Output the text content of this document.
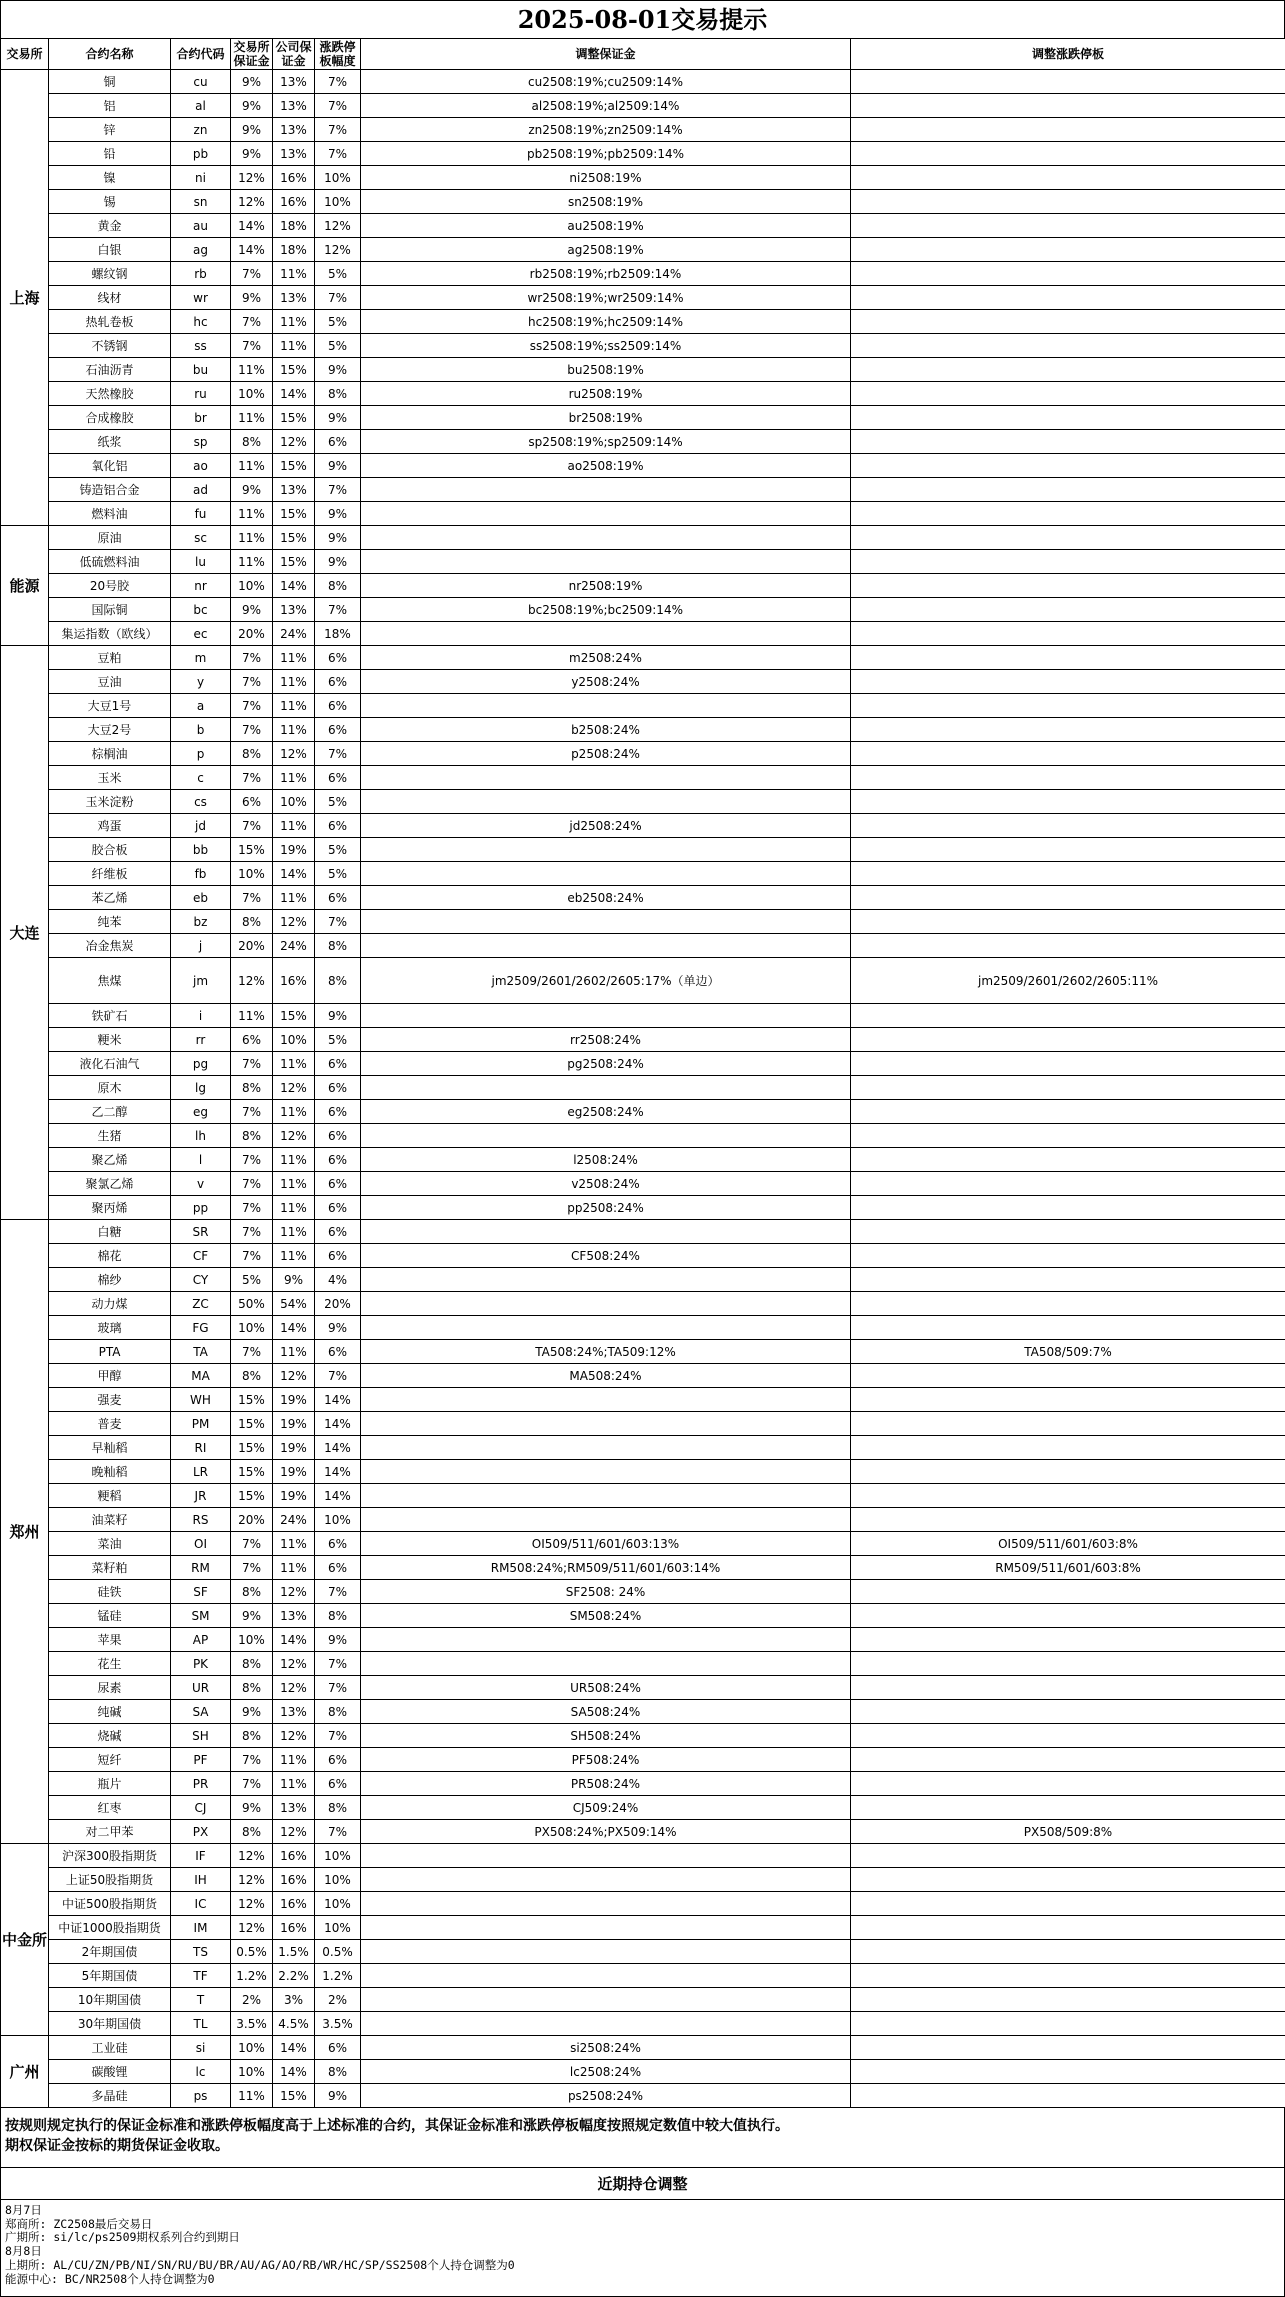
2025-08-01交易提示
交易所	合约名称	合约代码	交易所保证金	公司保证金	涨跌停板幅度	调整保证金	调整涨跌停板
上海	铜	cu	9%	13%	7%	cu2508:19%;cu2509:14%	
	铝	al	9%	13%	7%	al2508:19%;al2509:14%	
	锌	zn	9%	13%	7%	zn2508:19%;zn2509:14%	
	铅	pb	9%	13%	7%	pb2508:19%;pb2509:14%	
	镍	ni	12%	16%	10%	ni2508:19%	
	锡	sn	12%	16%	10%	sn2508:19%	
	黄金	au	14%	18%	12%	au2508:19%	
	白银	ag	14%	18%	12%	ag2508:19%	
	螺纹钢	rb	7%	11%	5%	rb2508:19%;rb2509:14%	
	线材	wr	9%	13%	7%	wr2508:19%;wr2509:14%	
	热轧卷板	hc	7%	11%	5%	hc2508:19%;hc2509:14%	
	不锈钢	ss	7%	11%	5%	ss2508:19%;ss2509:14%	
	石油沥青	bu	11%	15%	9%	bu2508:19%	
	天然橡胶	ru	10%	14%	8%	ru2508:19%	
	合成橡胶	br	11%	15%	9%	br2508:19%	
	纸浆	sp	8%	12%	6%	sp2508:19%;sp2509:14%	
	氧化铝	ao	11%	15%	9%	ao2508:19%	
	铸造铝合金	ad	9%	13%	7%		
	燃料油	fu	11%	15%	9%		
能源	原油	sc	11%	15%	9%		
	低硫燃料油	lu	11%	15%	9%		
	20号胶	nr	10%	14%	8%	nr2508:19%	
	国际铜	bc	9%	13%	7%	bc2508:19%;bc2509:14%	
	集运指数（欧线）	ec	20%	24%	18%		
大连	豆粕	m	7%	11%	6%	m2508:24%	
	豆油	y	7%	11%	6%	y2508:24%	
	大豆1号	a	7%	11%	6%		
	大豆2号	b	7%	11%	6%	b2508:24%	
	棕榈油	p	8%	12%	7%	p2508:24%	
	玉米	c	7%	11%	6%		
	玉米淀粉	cs	6%	10%	5%		
	鸡蛋	jd	7%	11%	6%	jd2508:24%	
	胶合板	bb	15%	19%	5%		
	纤维板	fb	10%	14%	5%		
	苯乙烯	eb	7%	11%	6%	eb2508:24%	
	纯苯	bz	8%	12%	7%		
	冶金焦炭	j	20%	24%	8%		
	焦煤	jm	12%	16%	8%	jm2509/2601/2602/2605:17%（单边）	jm2509/2601/2602/2605:11%
	铁矿石	i	11%	15%	9%		
	粳米	rr	6%	10%	5%	rr2508:24%	
	液化石油气	pg	7%	11%	6%	pg2508:24%	
	原木	lg	8%	12%	6%		
	乙二醇	eg	7%	11%	6%	eg2508:24%	
	生猪	lh	8%	12%	6%		
	聚乙烯	l	7%	11%	6%	l2508:24%	
	聚氯乙烯	v	7%	11%	6%	v2508:24%	
	聚丙烯	pp	7%	11%	6%	pp2508:24%	
郑州	白糖	SR	7%	11%	6%		
	棉花	CF	7%	11%	6%	CF508:24%	
	棉纱	CY	5%	9%	4%		
	动力煤	ZC	50%	54%	20%		
	玻璃	FG	10%	14%	9%		
	PTA	TA	7%	11%	6%	TA508:24%;TA509:12%	TA508/509:7%
	甲醇	MA	8%	12%	7%	MA508:24%	
	强麦	WH	15%	19%	14%		
	普麦	PM	15%	19%	14%		
	早籼稻	RI	15%	19%	14%		
	晚籼稻	LR	15%	19%	14%		
	粳稻	JR	15%	19%	14%		
	油菜籽	RS	20%	24%	10%		
	菜油	OI	7%	11%	6%	OI509/511/601/603:13%	OI509/511/601/603:8%
	菜籽粕	RM	7%	11%	6%	RM508:24%;RM509/511/601/603:14%	RM509/511/601/603:8%
	硅铁	SF	8%	12%	7%	SF2508: 24%	
	锰硅	SM	9%	13%	8%	SM508:24%	
	苹果	AP	10%	14%	9%		
	花生	PK	8%	12%	7%		
	尿素	UR	8%	12%	7%	UR508:24%	
	纯碱	SA	9%	13%	8%	SA508:24%	
	烧碱	SH	8%	12%	7%	SH508:24%	
	短纤	PF	7%	11%	6%	PF508:24%	
	瓶片	PR	7%	11%	6%	PR508:24%	
	红枣	CJ	9%	13%	8%	CJ509:24%	
	对二甲苯	PX	8%	12%	7%	PX508:24%;PX509:14%	PX508/509:8%
中金所	沪深300股指期货	IF	12%	16%	10%		
	上证50股指期货	IH	12%	16%	10%		
	中证500股指期货	IC	12%	16%	10%		
	中证1000股指期货	IM	12%	16%	10%		
	2年期国债	TS	0.5%	1.5%	0.5%		
	5年期国债	TF	1.2%	2.2%	1.2%		
	10年期国债	T	2%	3%	2%		
	30年期国债	TL	3.5%	4.5%	3.5%		
广州	工业硅	si	10%	14%	6%	si2508:24%	
	碳酸锂	lc	10%	14%	8%	lc2508:24%	
	多晶硅	ps	11%	15%	9%	ps2508:24%	
按规则规定执行的保证金标准和涨跌停板幅度高于上述标准的合约，其保证金标准和涨跌停板幅度按照规定数值中较大值执行。
期权保证金按标的期货保证金收取。
近期持仓调整
8月7日
郑商所: ZC2508最后交易日
广期所: si/lc/ps2509期权系列合约到期日
8月8日
上期所: AL/CU/ZN/PB/NI/SN/RU/BU/BR/AU/AG/AO/RB/WR/HC/SP/SS2508个人持仓调整为0
能源中心: BC/NR2508个人持仓调整为0
